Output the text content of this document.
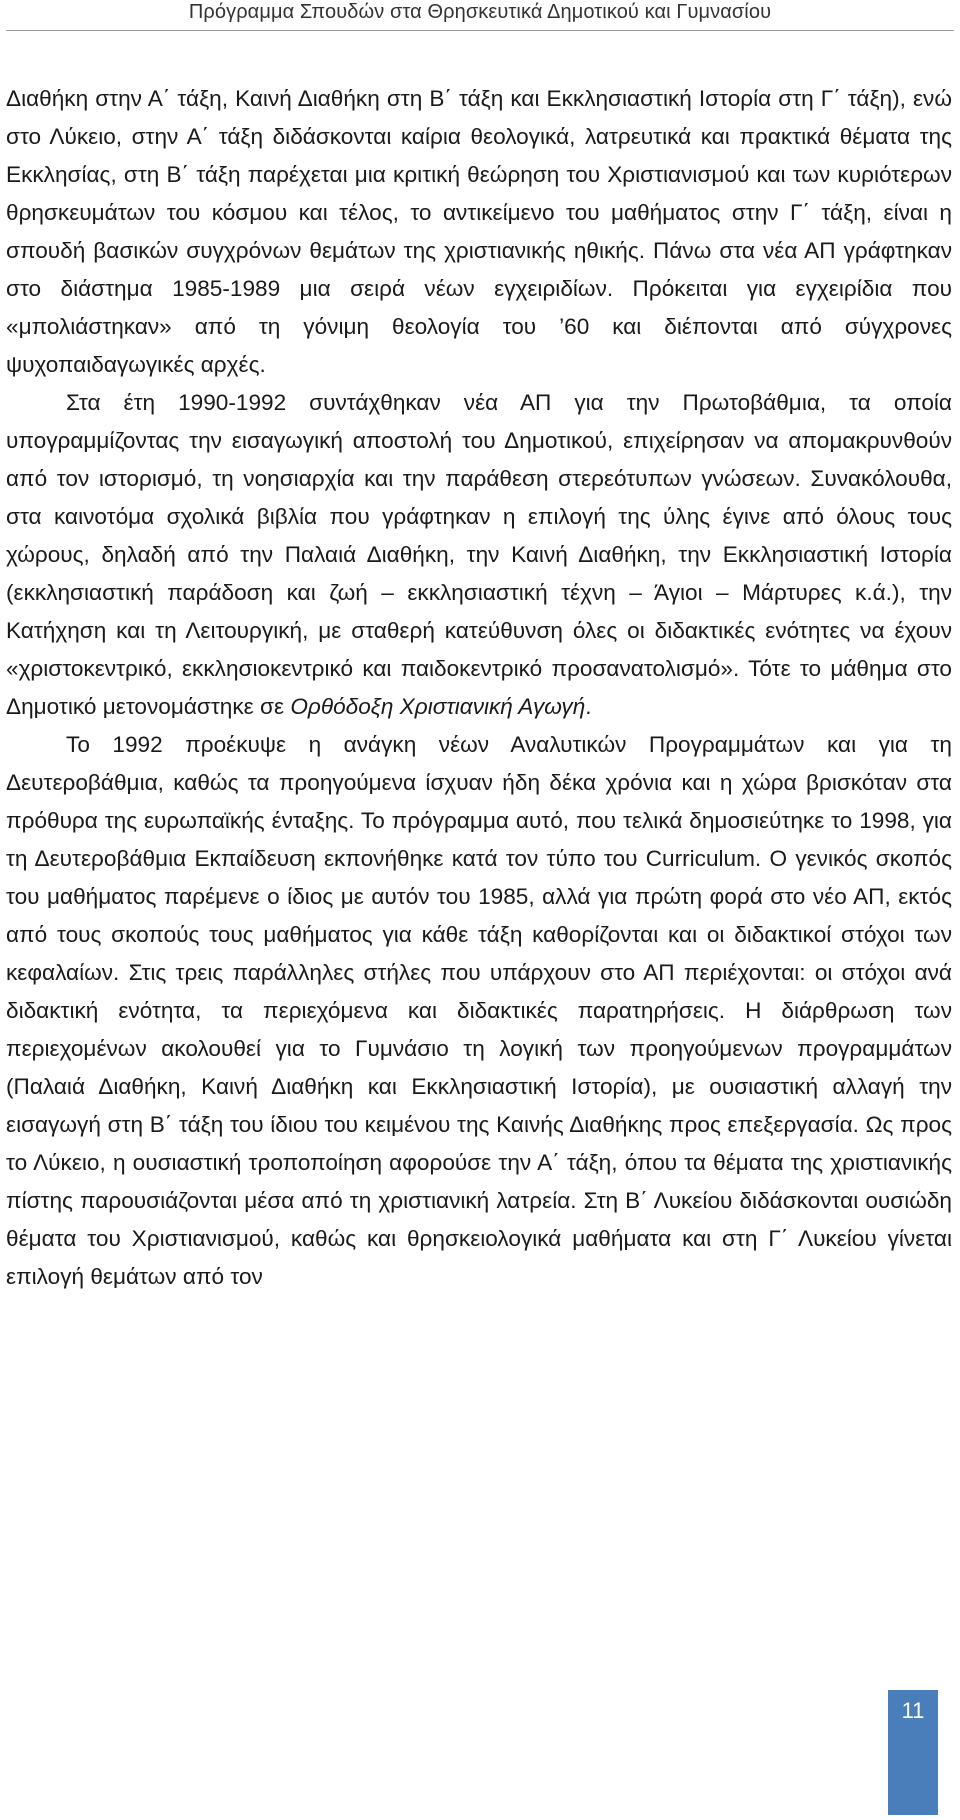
Πρόγραμμα Σπουδών στα Θρησκευτικά Δημοτικού και Γυμνασίου

Διαθήκη στην Α΄ τάξη, Καινή Διαθήκη στη Β΄ τάξη και Εκκλησιαστική Ιστορία στη Γ΄ τάξη), ενώ στο Λύκειο, στην Α΄ τάξη διδάσκονται καίρια θεολογικά, λατρευτικά και πρακτικά θέματα της Εκκλησίας, στη Β΄ τάξη παρέχεται μια κριτική θεώρηση του Χριστιανισμού και των κυριότερων θρησκευμάτων του κόσμου και τέλος, το αντικείμενο του μαθήματος στην Γ΄ τάξη, είναι η σπουδή βασικών συγχρόνων θεμάτων της χριστιανικής ηθικής. Πάνω στα νέα ΑΠ γράφτηκαν στο διάστημα 1985-1989 μια σειρά νέων εγχειριδίων. Πρόκειται για εγχειρίδια που «μπολιάστηκαν» από τη γόνιμη θεολογία του ’60 και διέπονται από σύγχρονες ψυχοπαιδαγωγικές αρχές.

Στα έτη 1990-1992 συντάχθηκαν νέα ΑΠ για την Πρωτοβάθμια, τα οποία υπογραμμίζοντας την εισαγωγική αποστολή του Δημοτικού, επιχείρησαν να απομακρυνθούν από τον ιστορισμό, τη νοησιαρχία και την παράθεση στερεότυπων γνώσεων. Συνακόλουθα, στα καινοτόμα σχολικά βιβλία που γράφτηκαν η επιλογή της ύλης έγινε από όλους τους χώρους, δηλαδή από την Παλαιά Διαθήκη, την Καινή Διαθήκη, την Εκκλησιαστική Ιστορία (εκκλησιαστική παράδοση και ζωή – εκκλησιαστική τέχνη – Άγιοι – Μάρτυρες κ.ά.), την Κατήχηση και τη Λειτουργική, με σταθερή κατεύθυνση όλες οι διδακτικές ενότητες να έχουν «χριστοκεντρικό, εκκλησιοκεντρικό και παιδοκεντρικό προσανατολισμό». Τότε το μάθημα στο Δημοτικό μετονομάστηκε σε Ορθόδοξη Χριστιανική Αγωγή.

Το 1992 προέκυψε η ανάγκη νέων Αναλυτικών Προγραμμάτων και για τη Δευτεροβάθμια, καθώς τα προηγούμενα ίσχυαν ήδη δέκα χρόνια και η χώρα βρισκόταν στα πρόθυρα της ευρωπαϊκής ένταξης. Το πρόγραμμα αυτό, που τελικά δημοσιεύτηκε το 1998, για τη Δευτεροβάθμια Εκπαίδευση εκπονήθηκε κατά τον τύπο του Curriculum. Ο γενικός σκοπός του μαθήματος παρέμενε ο ίδιος με αυτόν του 1985, αλλά για πρώτη φορά στο νέο ΑΠ, εκτός από τους σκοπούς τους μαθήματος για κάθε τάξη καθορίζονται και οι διδακτικοί στόχοι των κεφαλαίων. Στις τρεις παράλληλες στήλες που υπάρχουν στο ΑΠ περιέχονται: οι στόχοι ανά διδακτική ενότητα, τα περιεχόμενα και διδακτικές παρατηρήσεις. Η διάρθρωση των περιεχομένων ακολουθεί για το Γυμνάσιο τη λογική των προηγούμενων προγραμμάτων (Παλαιά Διαθήκη, Καινή Διαθήκη και Εκκλησιαστική Ιστορία), με ουσιαστική αλλαγή την εισαγωγή στη Β΄ τάξη του ίδιου του κειμένου της Καινής Διαθήκης προς επεξεργασία. Ως προς το Λύκειο, η ουσιαστική τροποποίηση αφορούσε την Α΄ τάξη, όπου τα θέματα της χριστιανικής πίστης παρουσιάζονται μέσα από τη χριστιανική λατρεία. Στη Β΄ Λυκείου διδάσκονται ουσιώδη θέματα του Χριστιανισμού, καθώς και θρησκειολογικά μαθήματα και στη Γ΄ Λυκείου γίνεται επιλογή θεμάτων από τον

11
